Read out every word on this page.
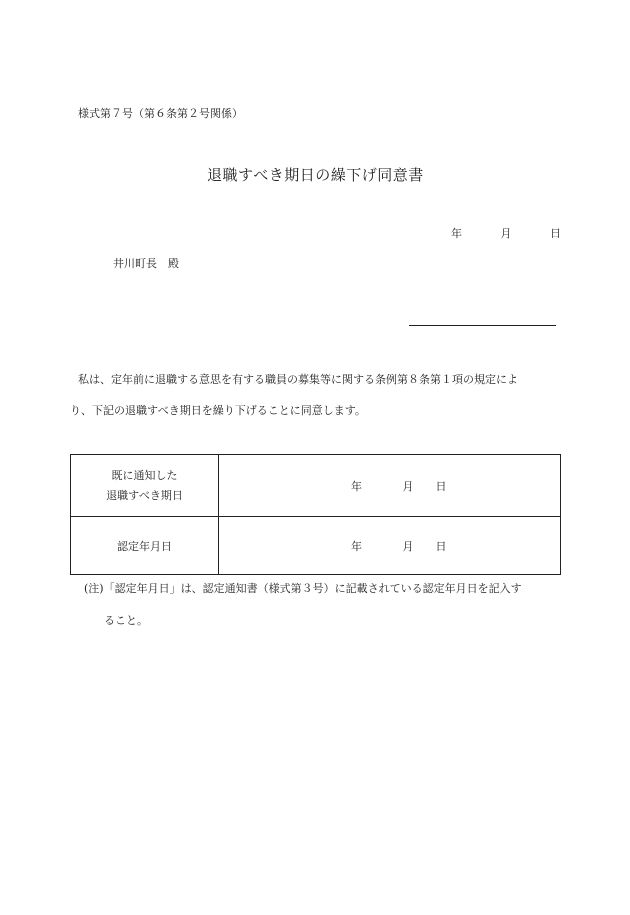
様式第７号（第６条第２号関係）
退職すべき期日の繰下げ同意書
年	月	日
井川町長　殿
私は、定年前に退職する意思を有する職員の募集等に関する条例第８条第１項の規定によ
り、下記の退職すべき期日を繰り下げることに同意します。
既に通知した
退職すべき期日	年 月 日
認定年月日	年 月 日
(注)「認定年月日」は、認定通知書（様式第３号）に記載されている認定年月日を記入す
ること。
